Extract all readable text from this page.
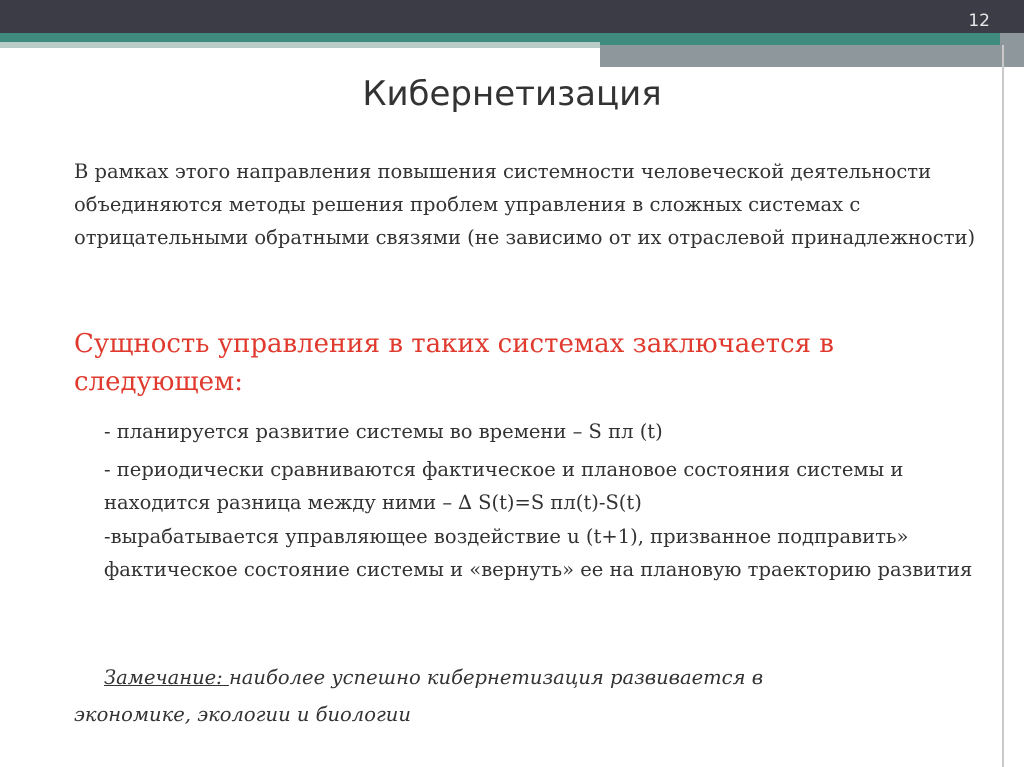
12
Кибернетизация

В рамках этого направления повышения системности человеческой деятельности объединяются методы решения проблем управления в сложных системах с отрицательными обратными связями (не зависимо от их отраслевой принадлежности)

Сущность управления в таких системах заключается в
следующем:

- планируется развитие системы во времени – S пл (t)

- периодически сравниваются фактическое и плановое состояния системы и находится разница между ними – ∆ S(t)=S пл(t)-S(t)

-вырабатывается управляющее воздействие u (t+1), призванное подправить» фактическое состояние системы и «вернуть» ее на плановую траекторию развития

Замечание: наиболее успешно кибернетизация развивается в
экономике, экологии и биологии
